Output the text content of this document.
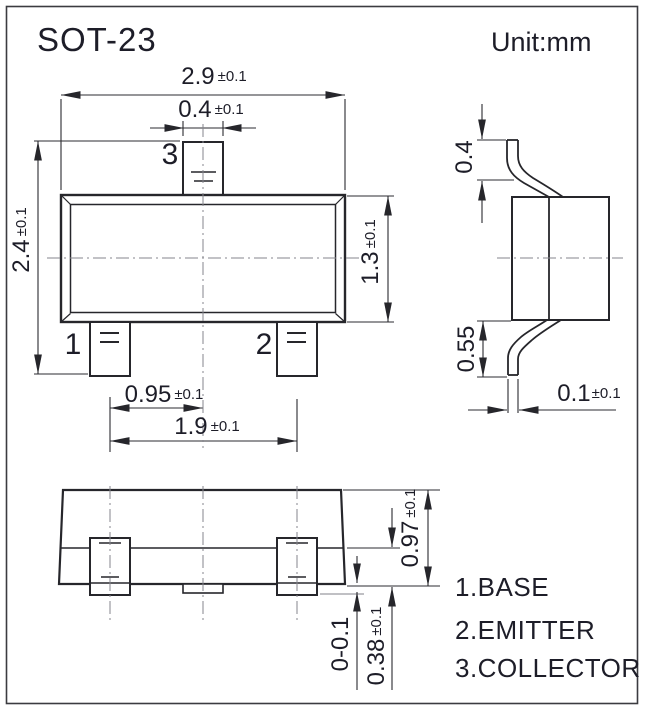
SOT-23	Unit:mm
2.9 ±0.1
0.4 ±0.1
2.4±0.1
1.3±0.1
0.95 ±0.1
1.9 ±0.1
3
1	2
0.4
0.55
0.1±0.1
0.97±0.1
0.38±0.1
0-0.1
1.BASE
2.EMITTER
3.COLLECTOR
